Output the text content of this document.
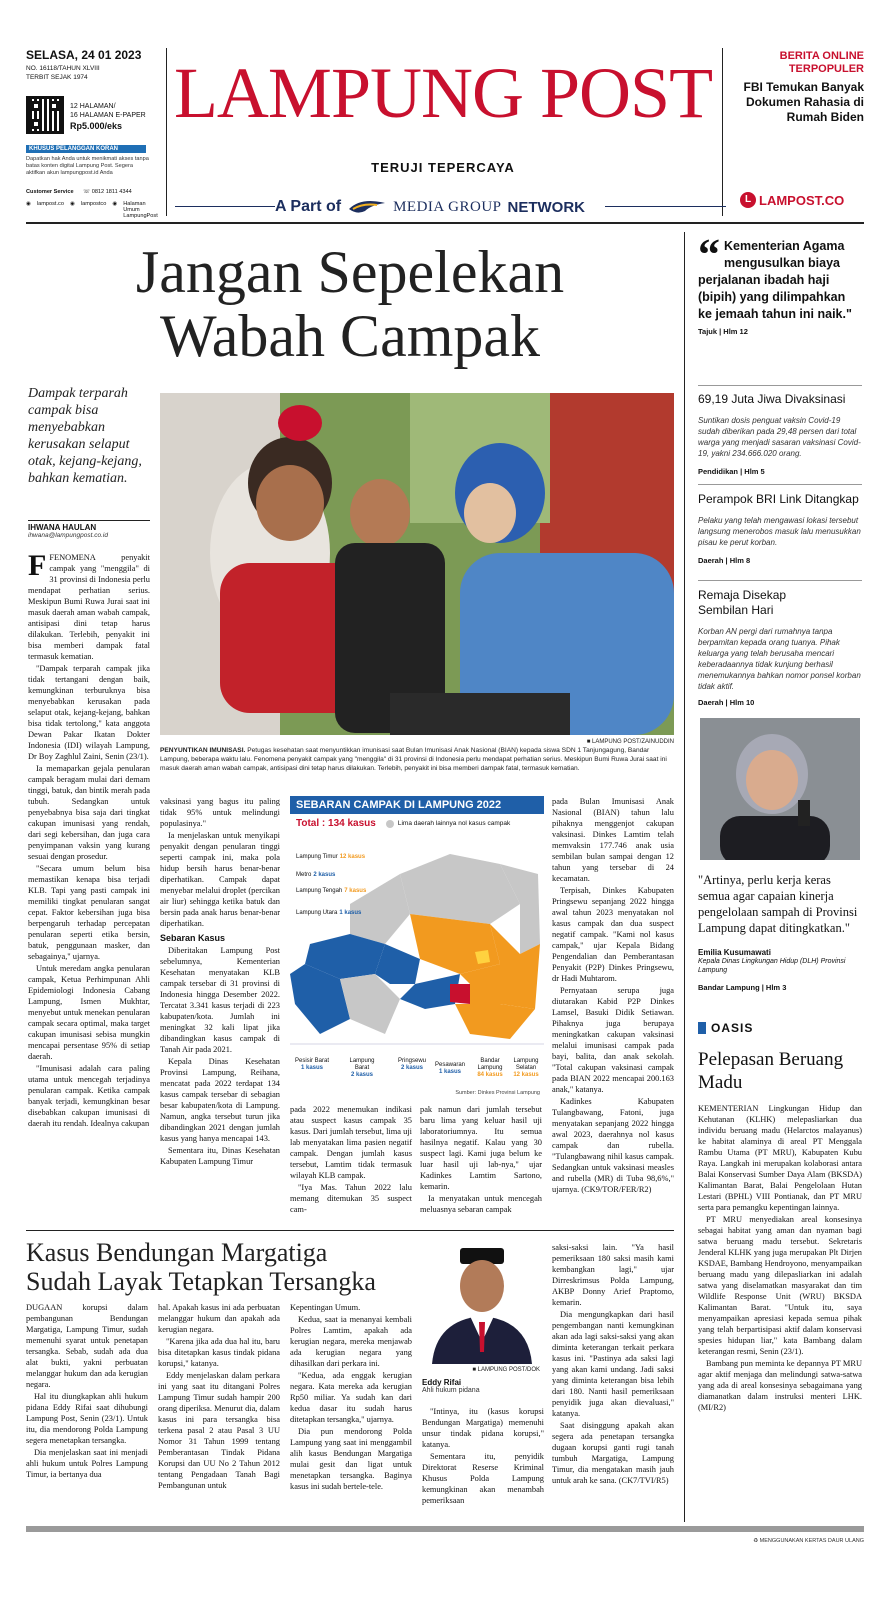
SELASA, 24 01 2023
NO. 16118/TAHUN XLVIII
TERBIT SEJAK 1974
12 HALAMAN/
16 HALAMAN E-PAPER
Rp5.000/eks
KHUSUS PELANGGAN KORAN
Dapatkan hak Anda untuk menikmati akses tanpa batas konten digital Lampung Post. Segera aktifkan akun lampungpost.id Anda
Customer Service ☏ 0812 1811 4344
◉ lampost.co ◉ lampostco ◉ Halaman Umum LampungPost
LAMPUNG POST
TERUJI TEPERCAYA
A Part of	MEDIA GROUP NETWORK
BERITA ONLINE
TERPOPULER
FBI Temukan Banyak Dokumen Rahasia di Rumah Biden
L LAMPOST.CO
Jangan Sepelekan
Wabah Campak
Dampak terparah campak bisa menyebabkan kerusakan selaput otak, kejang-kejang, bahkan kematian.
IHWANA HAULAN
ihwana@lampungpost.co.id
■ LAMPUNG POST/ZAINUDDIN
PENYUNTIKAN IMUNISASI. Petugas kesehatan saat menyuntikkan imunisasi saat Bulan Imunisasi Anak Nasional (BIAN) kepada siswa SDN 1 Tanjungagung, Bandar Lampung, beberapa waktu lalu. Fenomena penyakit campak yang "menggila" di 31 provinsi di Indonesia perlu mendapat perhatian serius. Meskipun Bumi Ruwa Jurai saat ini masuk daerah aman wabah campak, antisipasi dini tetap harus dilakukan. Terlebih, penyakit ini bisa memberi dampak fatal, termasuk kematian.

FFENOMENA penyakit campak yang "menggila" di 31 provinsi di Indonesia perlu mendapat perhatian serius. Meskipun Bumi Ruwa Jurai saat ini masuk daerah aman wabah campak, antisipasi dini tetap harus dilakukan. Terlebih, penyakit ini bisa memberi dampak fatal termasuk kematian.

"Dampak terparah campak jika tidak tertangani dengan baik, kemungkinan terburuknya bisa menyebabkan kerusakan pada selaput otak, kejang-kejang, bahkan bisa tidak tertolong," kata anggota Dewan Pakar Ikatan Dokter Indonesia (IDI) wilayah Lampung, Dr Boy Zaghlul Zaini, Senin (23/1).

Ia memaparkan gejala penularan campak beragam mulai dari demam tinggi, batuk, dan bintik merah pada tubuh. Sedangkan untuk penyebabnya bisa saja dari tingkat cakupan imunisasi yang rendah, dari segi kebersihan, dan juga cara penyimpanan vaksin yang kurang sesuai dengan prosedur.

"Secara umum belum bisa memastikan kenapa bisa terjadi KLB. Tapi yang pasti campak ini memiliki tingkat penularan sangat cepat. Faktor kebersihan juga bisa berpengaruh terhadap percepatan penularan seperti etika bersin, batuk, penggunaan masker, dan sebagainya," ujarnya.

Untuk meredam angka penularan campak, Ketua Perhimpunan Ahli Epidemiologi Indonesia Cabang Lampung, Ismen Mukhtar, menyebut untuk menekan penularan campak secara optimal, maka target cakupan imunisasi sebisa mungkin mencapai persentase 95% di setiap daerah.

"Imunisasi adalah cara paling utama untuk mencegah terjadinya penularan campak. Ketika campak banyak terjadi, kemungkinan besar disebabkan cakupan imunisasi di daerah itu rendah. Idealnya cakupan

vaksinasi yang bagus itu paling tidak 95% untuk melindungi populasinya."

Ia menjelaskan untuk menyikapi penyakit dengan penularan tinggi seperti campak ini, maka pola hidup bersih harus benar-benar diperhatikan. Campak dapat menyebar melalui droplet (percikan air liur) sehingga ketika batuk dan bersin pada anak harus benar-benar diperhatikan.

Sebaran Kasus

Diberitakan Lampung Post sebelumnya, Kementerian Kesehatan menyatakan KLB campak tersebar di 31 provinsi di Indonesia hingga Desember 2022. Tercatat 3.341 kasus terjadi di 223 kabupaten/kota. Jumlah ini meningkat 32 kali lipat jika dibandingkan kasus campak di Tanah Air pada 2021.

Kepala Dinas Kesehatan Provinsi Lampung, Reihana, mencatat pada 2022 terdapat 134 kasus campak tersebar di sebagian besar kabupaten/kota di Lampung. Namun, angka tersebut turun jika dibandingkan 2021 dengan jumlah kasus yang hanya mencapai 143.

Sementara itu, Dinas Kesehatan Kabupaten Lampung Timur

SEBARAN CAMPAK DI LAMPUNG 2022
Total : 134 kasus	Lima daerah lainnya nol kasus campak
Lampung Timur 12 kasus
Metro 2 kasus
Lampung Tengah 7 kasus
Lampung Utara 1 kasus
Pesisir Barat
1 kasus
Lampung Barat
2 kasus
Pringsewu
2 kasus	Pesawaran
1 kasus
Bandar Lampung
84 kasus
Lampung Selatan
12 kasus
Sumber: Dinkes Provinsi Lampung

pada 2022 menemukan indikasi atau suspect kasus campak 35 kasus. Dari jumlah tersebut, lima uji lab menyatakan lima pasien negatif campak. Dengan jumlah kasus tersebut, Lamtim tidak termasuk wilayah KLB campak.

"Iya Mas. Tahun 2022 lalu memang ditemukan 35 suspect cam-

pak namun dari jumlah tersebut baru lima yang keluar hasil uji laboratoriumnya. Itu semua hasilnya negatif. Kalau yang 30 suspect lagi. Kami juga belum ke luar hasil uji lab-nya," ujar Kadinkes Lamtim Sartono, kemarin.

Ia menyatakan untuk mencegah meluasnya sebaran campak

pada Bulan Imunisasi Anak Nasional (BIAN) tahun lalu pihaknya menggenjot cakupan vaksinasi. Dinkes Lamtim telah memvaksin 177.746 anak usia sembilan bulan sampai dengan 12 tahun yang tersebar di 24 kecamatan.

Terpisah, Dinkes Kabupaten Pringsewu sepanjang 2022 hingga awal tahun 2023 menyatakan nol kasus campak dan dua suspect negatif campak. "Kami nol kasus campak," ujar Kepala Bidang Pengendalian dan Pemberantasan Penyakit (P2P) Dinkes Pringsewu, dr Hadi Muhtarom.

Pernyataan serupa juga diutarakan Kabid P2P Dinkes Lamsel, Basuki Didik Setiawan. Pihaknya juga berupaya meningkatkan cakupan vaksinasi melalui imunisasi campak pada bayi, balita, dan anak sekolah. "Total cakupan vaksinasi campak pada BIAN 2022 mencapai 200.163 anak," katanya.

Kadinkes Kabupaten Tulangbawang, Fatoni, juga menyatakan sepanjang 2022 hingga awal 2023, daerahnya nol kasus campak dan rubella. "Tulangbawang nihil kasus campak. Sedangkan untuk vaksinasi measles and rubella (MR) di Tuba 98,6%," ujarnya. (CK9/TOR/FER/R2)

“ Kementerian Agama mengusulkan biaya perjalanan ibadah haji (bipih) yang dilimpahkan ke jemaah tahun ini naik."
Tajuk | Hlm 12
69,19 Juta Jiwa Divaksinasi
Suntikan dosis penguat vaksin Covid-19 sudah diberikan pada 29,48 persen dari total warga yang menjadi sasaran vaksinasi Covid-19, yakni 234.666.020 orang.
Pendidikan | Hlm 5
Perampok BRI Link Ditangkap
Pelaku yang telah mengawasi lokasi tersebut langsung menerobos masuk lalu menusukkan pisau ke perut korban.
Daerah | Hlm 8
Remaja Disekap Sembilan Hari
Korban AN pergi dari rumahnya tanpa berpamitan kepada orang tuanya. Pihak keluarga yang telah berusaha mencari keberadaannya tidak kunjung berhasil menemukannya bahkan nomor ponsel korban tidak aktif.
Daerah | Hlm 10
"Artinya, perlu kerja keras semua agar capaian kinerja pengelolaan sampah di Provinsi Lampung dapat ditingkatkan."
Emilia Kusumawati
Kepala Dinas Lingkungan Hidup (DLH) Provinsi Lampung
Bandar Lampung | Hlm 3
OASIS
Pelepasan Beruang Madu

KEMENTERIAN Lingkungan Hidup dan Kehutanan (KLHK) melepasliarkan dua individu beruang madu (Helarctos malayanus) ke habitat alaminya di areal PT Menggala Rambu Utama (PT MRU), Kabupaten Kubu Raya. Langkah ini merupakan kolaborasi antara Balai Konservasi Sumber Daya Alam (BKSDA) Kalimantan Barat, Balai Pengelolaan Hutan Lestari (BPHL) VIII Pontianak, dan PT MRU serta para pemangku kepentingan lainnya.

PT MRU menyediakan areal konsesinya sebagai habitat yang aman dan nyaman bagi satwa beruang madu tersebut. Sekretaris Jenderal KLHK yang juga merupakan Plt Dirjen KSDAE, Bambang Hendroyono, menyampaikan beruang madu yang dilepasliarkan ini adalah satwa yang diselamatkan masyarakat dan tim Wildlife Response Unit (WRU) BKSDA Kalimantan Barat. "Untuk itu, saya menyampaikan apresiasi kepada semua pihak yang telah berpartisipasi aktif dalam konservasi spesies hidupan liar," kata Bambang dalam keterangan resmi, Senin (23/1).

Bambang pun meminta ke depannya PT MRU agar aktif menjaga dan melindungi satwa-satwa yang ada di areal konsesinya sebagaimana yang diamanatkan dalam instruksi menteri LHK. (MI/R2)

Kasus Bendungan Margatiga
Sudah Layak Tetapkan Tersangka

DUGAAN korupsi dalam pembangunan Bendungan Margatiga, Lampung Timur, sudah memenuhi syarat untuk penetapan tersangka. Sebab, sudah ada dua alat bukti, yakni perbuatan melanggar hukum dan ada kerugian negara.

Hal itu diungkapkan ahli hukum pidana Eddy Rifai saat dihubungi Lampung Post, Senin (23/1). Untuk itu, dia mendorong Polda Lampung segera menetapkan tersangka.

Dia menjelaskan saat ini menjadi ahli hukum untuk Polres Lampung Timur, ia bertanya dua

hal. Apakah kasus ini ada perbuatan melanggar hukum dan apakah ada kerugian negara.

"Karena jika ada dua hal itu, baru bisa ditetapkan kasus tindak pidana korupsi," katanya.

Eddy menjelaskan dalam perkara ini yang saat itu ditangani Polres Lampung Timur sudah hampir 200 orang diperiksa. Menurut dia, dalam kasus ini para tersangka bisa terkena pasal 2 atau Pasal 3 UU Nomor 31 Tahun 1999 tentang Pemberantasan Tindak Pidana Korupsi dan UU No 2 Tahun 2012 tentang Pengadaan Tanah Bagi Pembangunan untuk

Kepentingan Umum.

Kedua, saat ia menanyai kembali Polres Lamtim, apakah ada kerugian negara, mereka menjawab ada kerugian negara yang dihasilkan dari perkara ini.

"Kedua, ada enggak kerugian negara. Kata mereka ada kerugian Rp50 miliar. Ya sudah kan dari kedua dasar itu sudah harus ditetapkan tersangka," ujarnya.

Dia pun mendorong Polda Lampung yang saat ini menggambil alih kasus Bendungan Margatiga mulai gesit dan ligat untuk menetapkan tersangka. Baginya kasus ini sudah bertele-tele.

■ LAMPUNG POST/DOK
Eddy Rifai
Ahli hukum pidana

"Intinya, itu (kasus korupsi Bendungan Margatiga) memenuhi unsur tindak pidana korupsi," katanya.

Sementara itu, penyidik Direktorat Reserse Kriminal Khusus Polda Lampung kemungkinan akan menambah pemeriksaan

saksi-saksi lain. "Ya hasil pemeriksaan 180 saksi masih kami kembangkan lagi," ujar Dirreskrimsus Polda Lampung, AKBP Donny Arief Praptomo, kemarin.

Dia mengungkapkan dari hasil pengembangan nanti kemungkinan akan ada lagi saksi-saksi yang akan diminta keterangan terkait perkara kasus ini. "Pastinya ada saksi lagi yang akan kami undang. Jadi saksi yang diminta keterangan bisa lebih dari 180. Nanti hasil pemeriksaan penyidik juga akan dievaluasi," katanya.

Saat disinggung apakah akan segera ada penetapan tersangka dugaan korupsi ganti rugi tanah tumbuh Margatiga, Lampung Timur, dia mengatakan masih jauh untuk arah ke sana. (CK7/TVI/R5)

♻ MENGGUNAKAN KERTAS DAUR ULANG
